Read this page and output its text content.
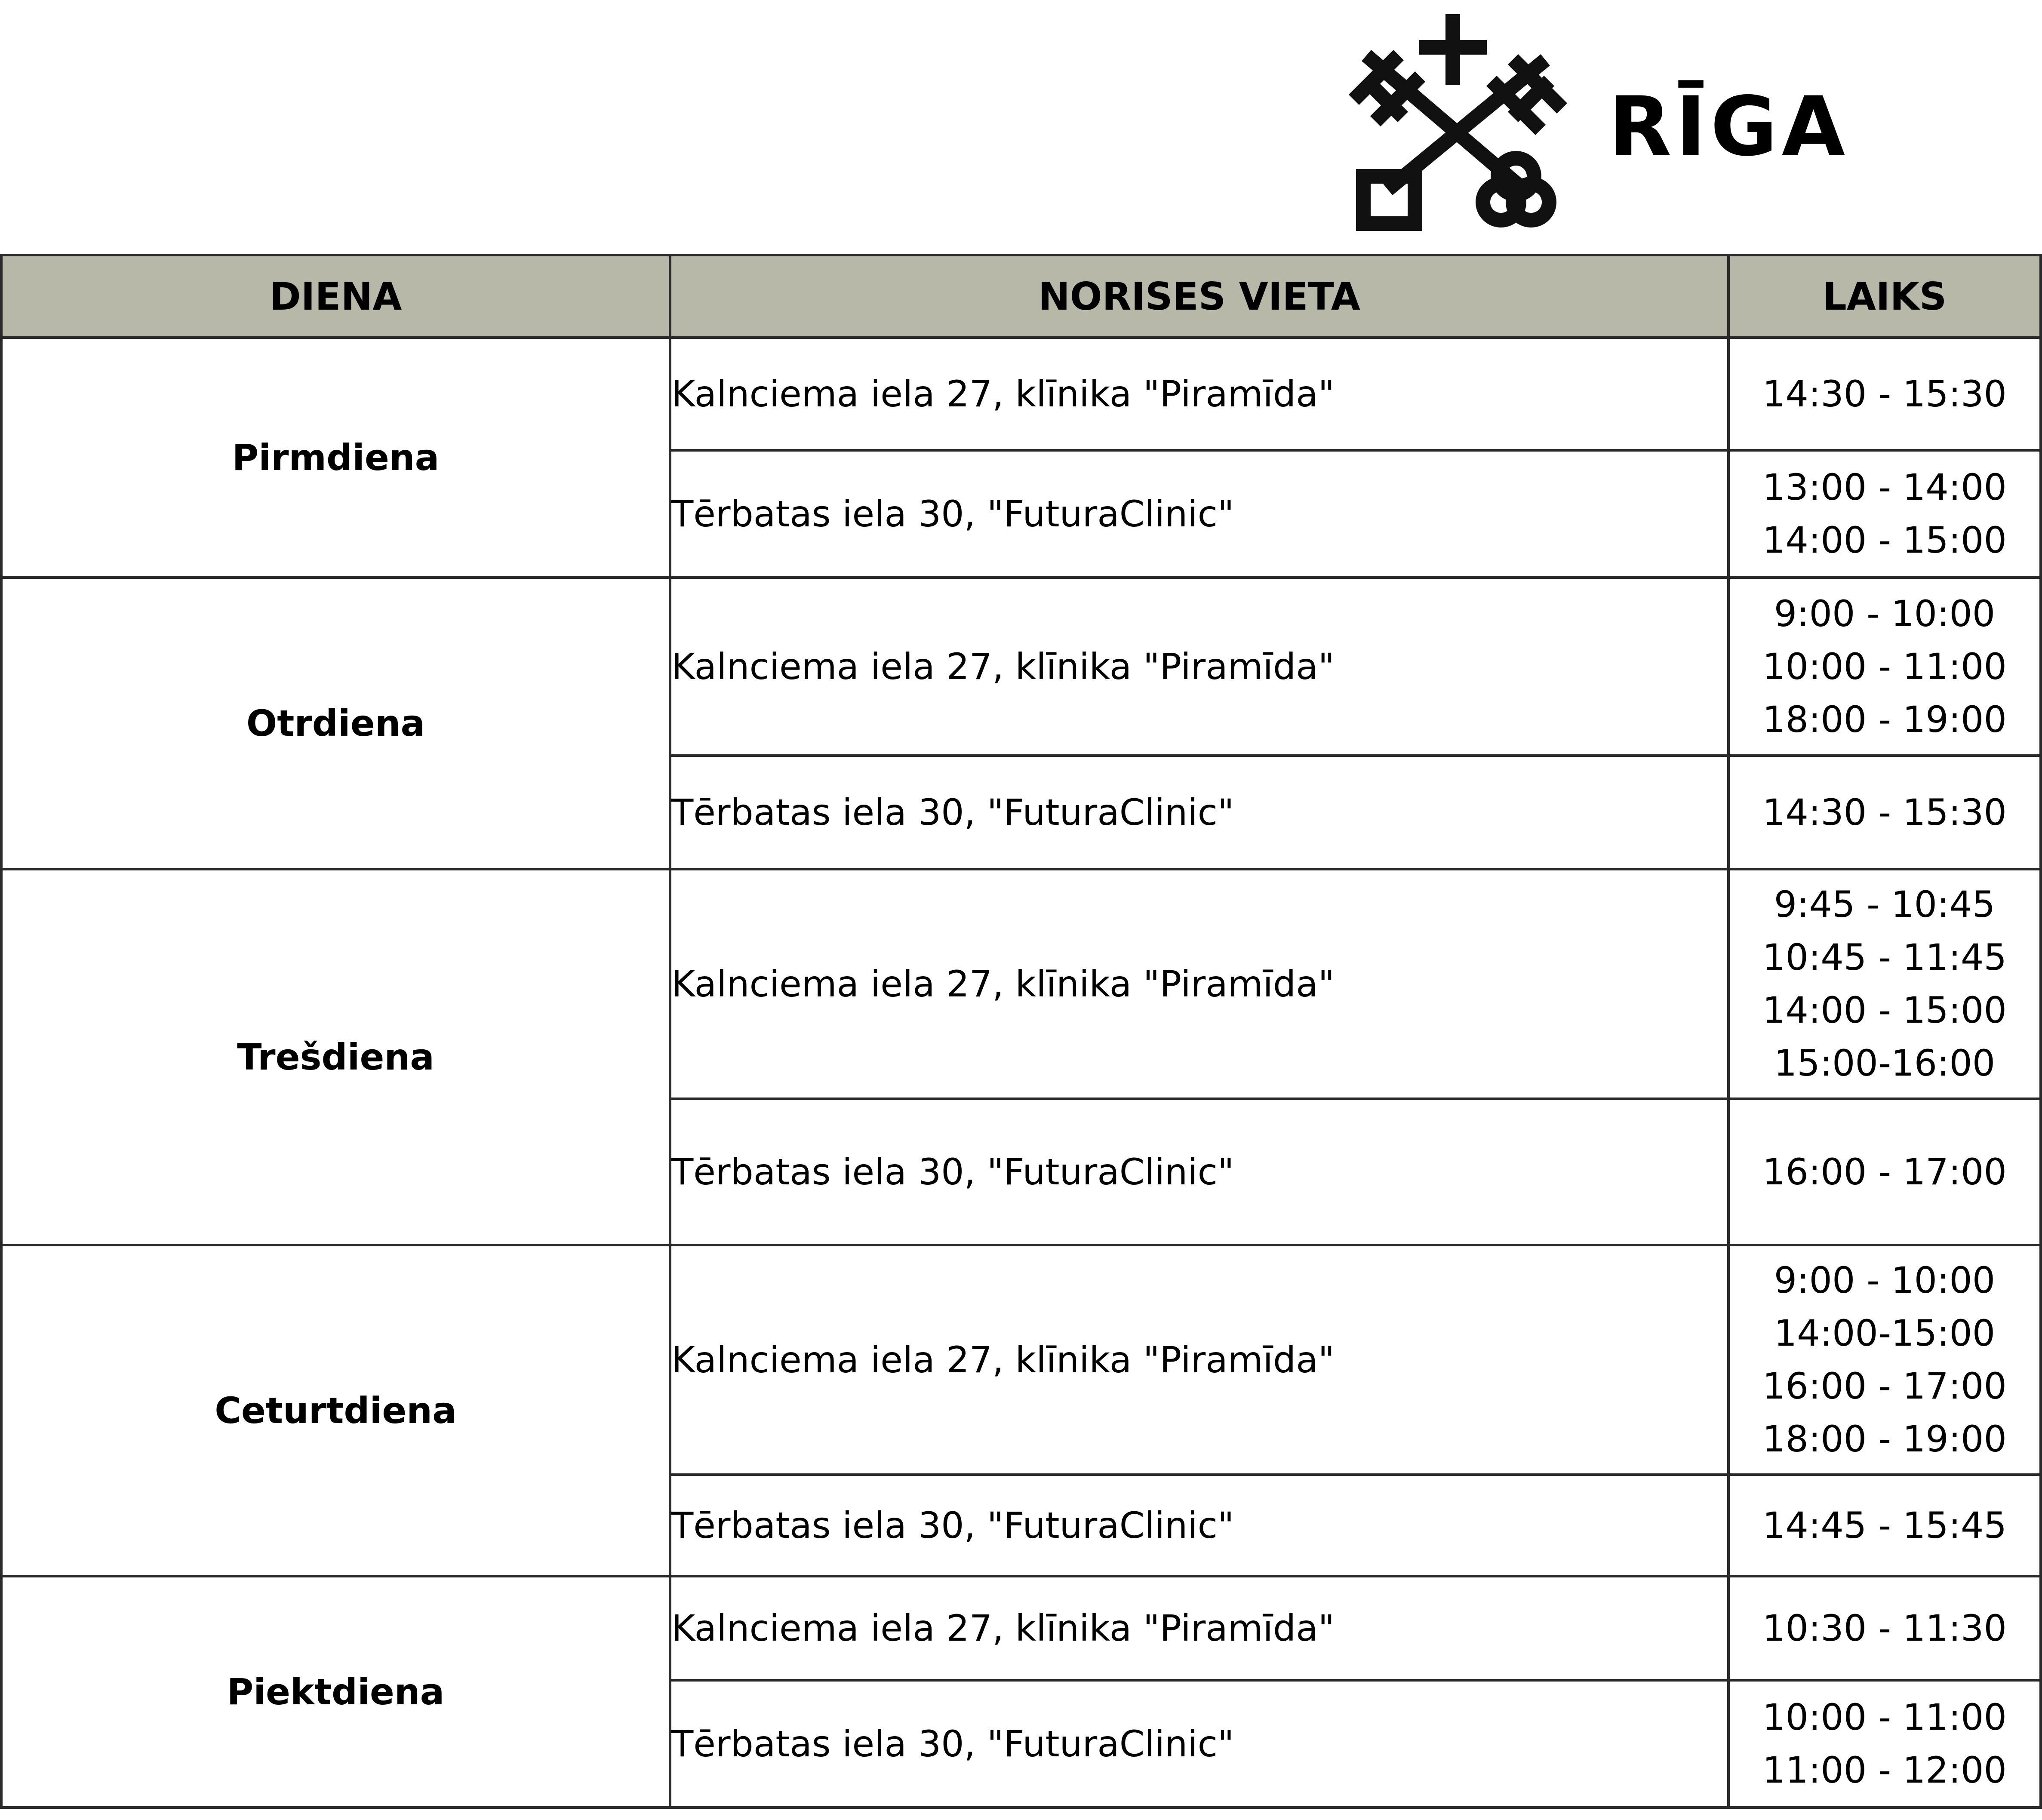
RĪGA
DIENA	NORISES VIETA	LAIKS
Pirmdiena	Kalnciema iela 27, klīnika "Piramīda"	14:30 - 15:30

	Tērbatas iela 30, "FuturaClinic"	13:00 - 14:00
14:00 - 15:00

Otrdiena	Kalnciema iela 27, klīnika "Piramīda"	9:00 - 10:00
10:00 - 11:00
18:00 - 19:00

	Tērbatas iela 30, "FuturaClinic"	14:30 - 15:30

Trešdiena	Kalnciema iela 27, klīnika "Piramīda"	9:45 - 10:45
10:45 - 11:45
14:00 - 15:00
15:00-16:00

	Tērbatas iela 30, "FuturaClinic"	16:00 - 17:00

Ceturtdiena	Kalnciema iela 27, klīnika "Piramīda"	9:00 - 10:00
14:00-15:00
16:00 - 17:00
18:00 - 19:00

	Tērbatas iela 30, "FuturaClinic"	14:45 - 15:45

Piektdiena	Kalnciema iela 27, klīnika "Piramīda"	10:30 - 11:30

	Tērbatas iela 30, "FuturaClinic"	10:00 - 11:00
11:00 - 12:00
